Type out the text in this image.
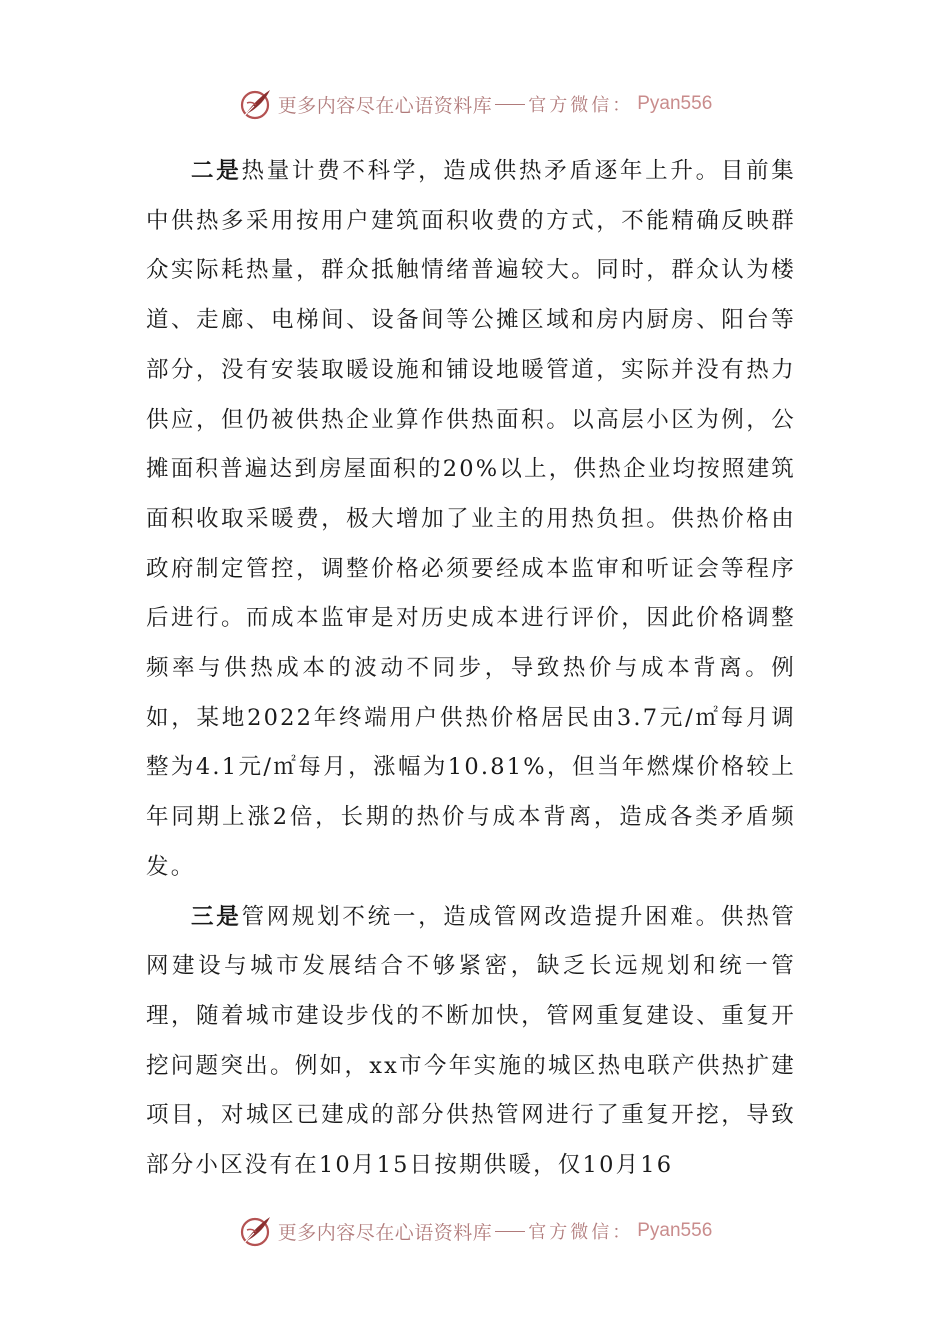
更多内容尽在心语资料库 官方微信： Pyan556

二是热量计费不科学，造成供热矛盾逐年上升。目前集中供热多采用按用户建筑面积收费的方式，不能精确反映群众实际耗热量，群众抵触情绪普遍较大。同时，群众认为楼道、走廊、电梯间、设备间等公摊区域和房内厨房、阳台等部分，没有安装取暖设施和铺设地暖管道，实际并没有热力供应，但仍被供热企业算作供热面积。以高层小区为例，公摊面积普遍达到房屋面积的20%以上，供热企业均按照建筑面积收取采暖费，极大增加了业主的用热负担。供热价格由政府制定管控，调整价格必须要经成本监审和听证会等程序后进行。而成本监审是对历史成本进行评价，因此价格调整频率与供热成本的波动不同步，导致热价与成本背离。例如，某地2022年终端用户供热价格居民由3.7元/㎡每月调整为4.1元/㎡每月，涨幅为10.81%，但当年燃煤价格较上年同期上涨2倍，长期的热价与成本背离，造成各类矛盾频发。

三是管网规划不统一，造成管网改造提升困难。供热管网建设与城市发展结合不够紧密，缺乏长远规划和统一管理，随着城市建设步伐的不断加快，管网重复建设、重复开挖问题突出。例如，xx市今年实施的城区热电联产供热扩建项目，对城区已建成的部分供热管网进行了重复开挖，导致部分小区没有在10月15日按期供暖，仅10月16

更多内容尽在心语资料库 官方微信： Pyan556
